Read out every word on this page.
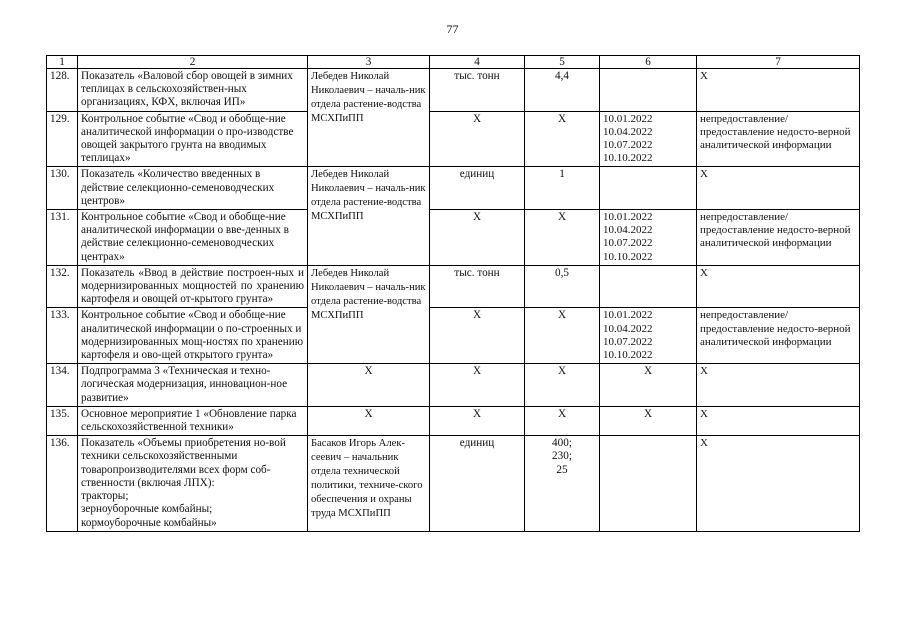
77
1	2	3	4	5	6	7
128.	Показатель «Валовой сбор овощей в зимних теплицах в сельскохозяйствен-ных организациях, КФХ, включая ИП»	Лебедев Николай Николаевич – началь-ник отдела растение-водства МСХПиПП	тыс. тонн	4,4		Х
129.	Контрольное событие «Свод и обобще-ние аналитической информации о про-изводстве овощей закрытого грунта на вводимых теплицах»		Х	Х	10.01.2022
10.04.2022
10.07.2022
10.10.2022	непредоставление/ предоставление недосто-верной аналитической информации
130.	Показатель «Количество введенных в действие селекционно-семеноводческих центров»	Лебедев Николай Николаевич – началь-ник отдела растение-водства МСХПиПП	единиц	1		Х
131.	Контрольное событие «Свод и обобще-ние аналитической информации о вве-денных в действие селекционно-семеноводческих центрах»		Х	Х	10.01.2022
10.04.2022
10.07.2022
10.10.2022	непредоставление/ предоставление недосто-верной аналитической информации
132.	Показатель «Ввод в действие построен-ных и модернизированных мощностей по хранению картофеля и овощей от-крытого грунта»	Лебедев Николай Николаевич – началь-ник отдела растение-водства МСХПиПП	тыс. тонн	0,5		Х
133.	Контрольное событие «Свод и обобще-ние аналитической информации о по-строенных и модернизированных мощ-ностях по хранению картофеля и ово-щей открытого грунта»		Х	Х	10.01.2022
10.04.2022
10.07.2022
10.10.2022	непредоставление/ предоставление недосто-верной аналитической информации
134.	Подпрограмма 3 «Техническая и техно-логическая модернизация, инновацион-ное развитие»	Х	Х	Х	Х	Х
135.	Основное мероприятие 1 «Обновление парка сельскохозяйственной техники»	Х	Х	Х	Х	Х
136.	Показатель «Объемы приобретения но-вой техники сельскохозяйственными товаропроизводителями всех форм соб-ственности (включая ЛПХ):
тракторы;
зерноуборочные комбайны;
кормоуборочные комбайны»	Басаков Игорь Алек-сеевич – начальник отдела технической политики, техниче-ского обеспечения и охраны труда МСХПиПП	единиц	400;
230;
25		Х
